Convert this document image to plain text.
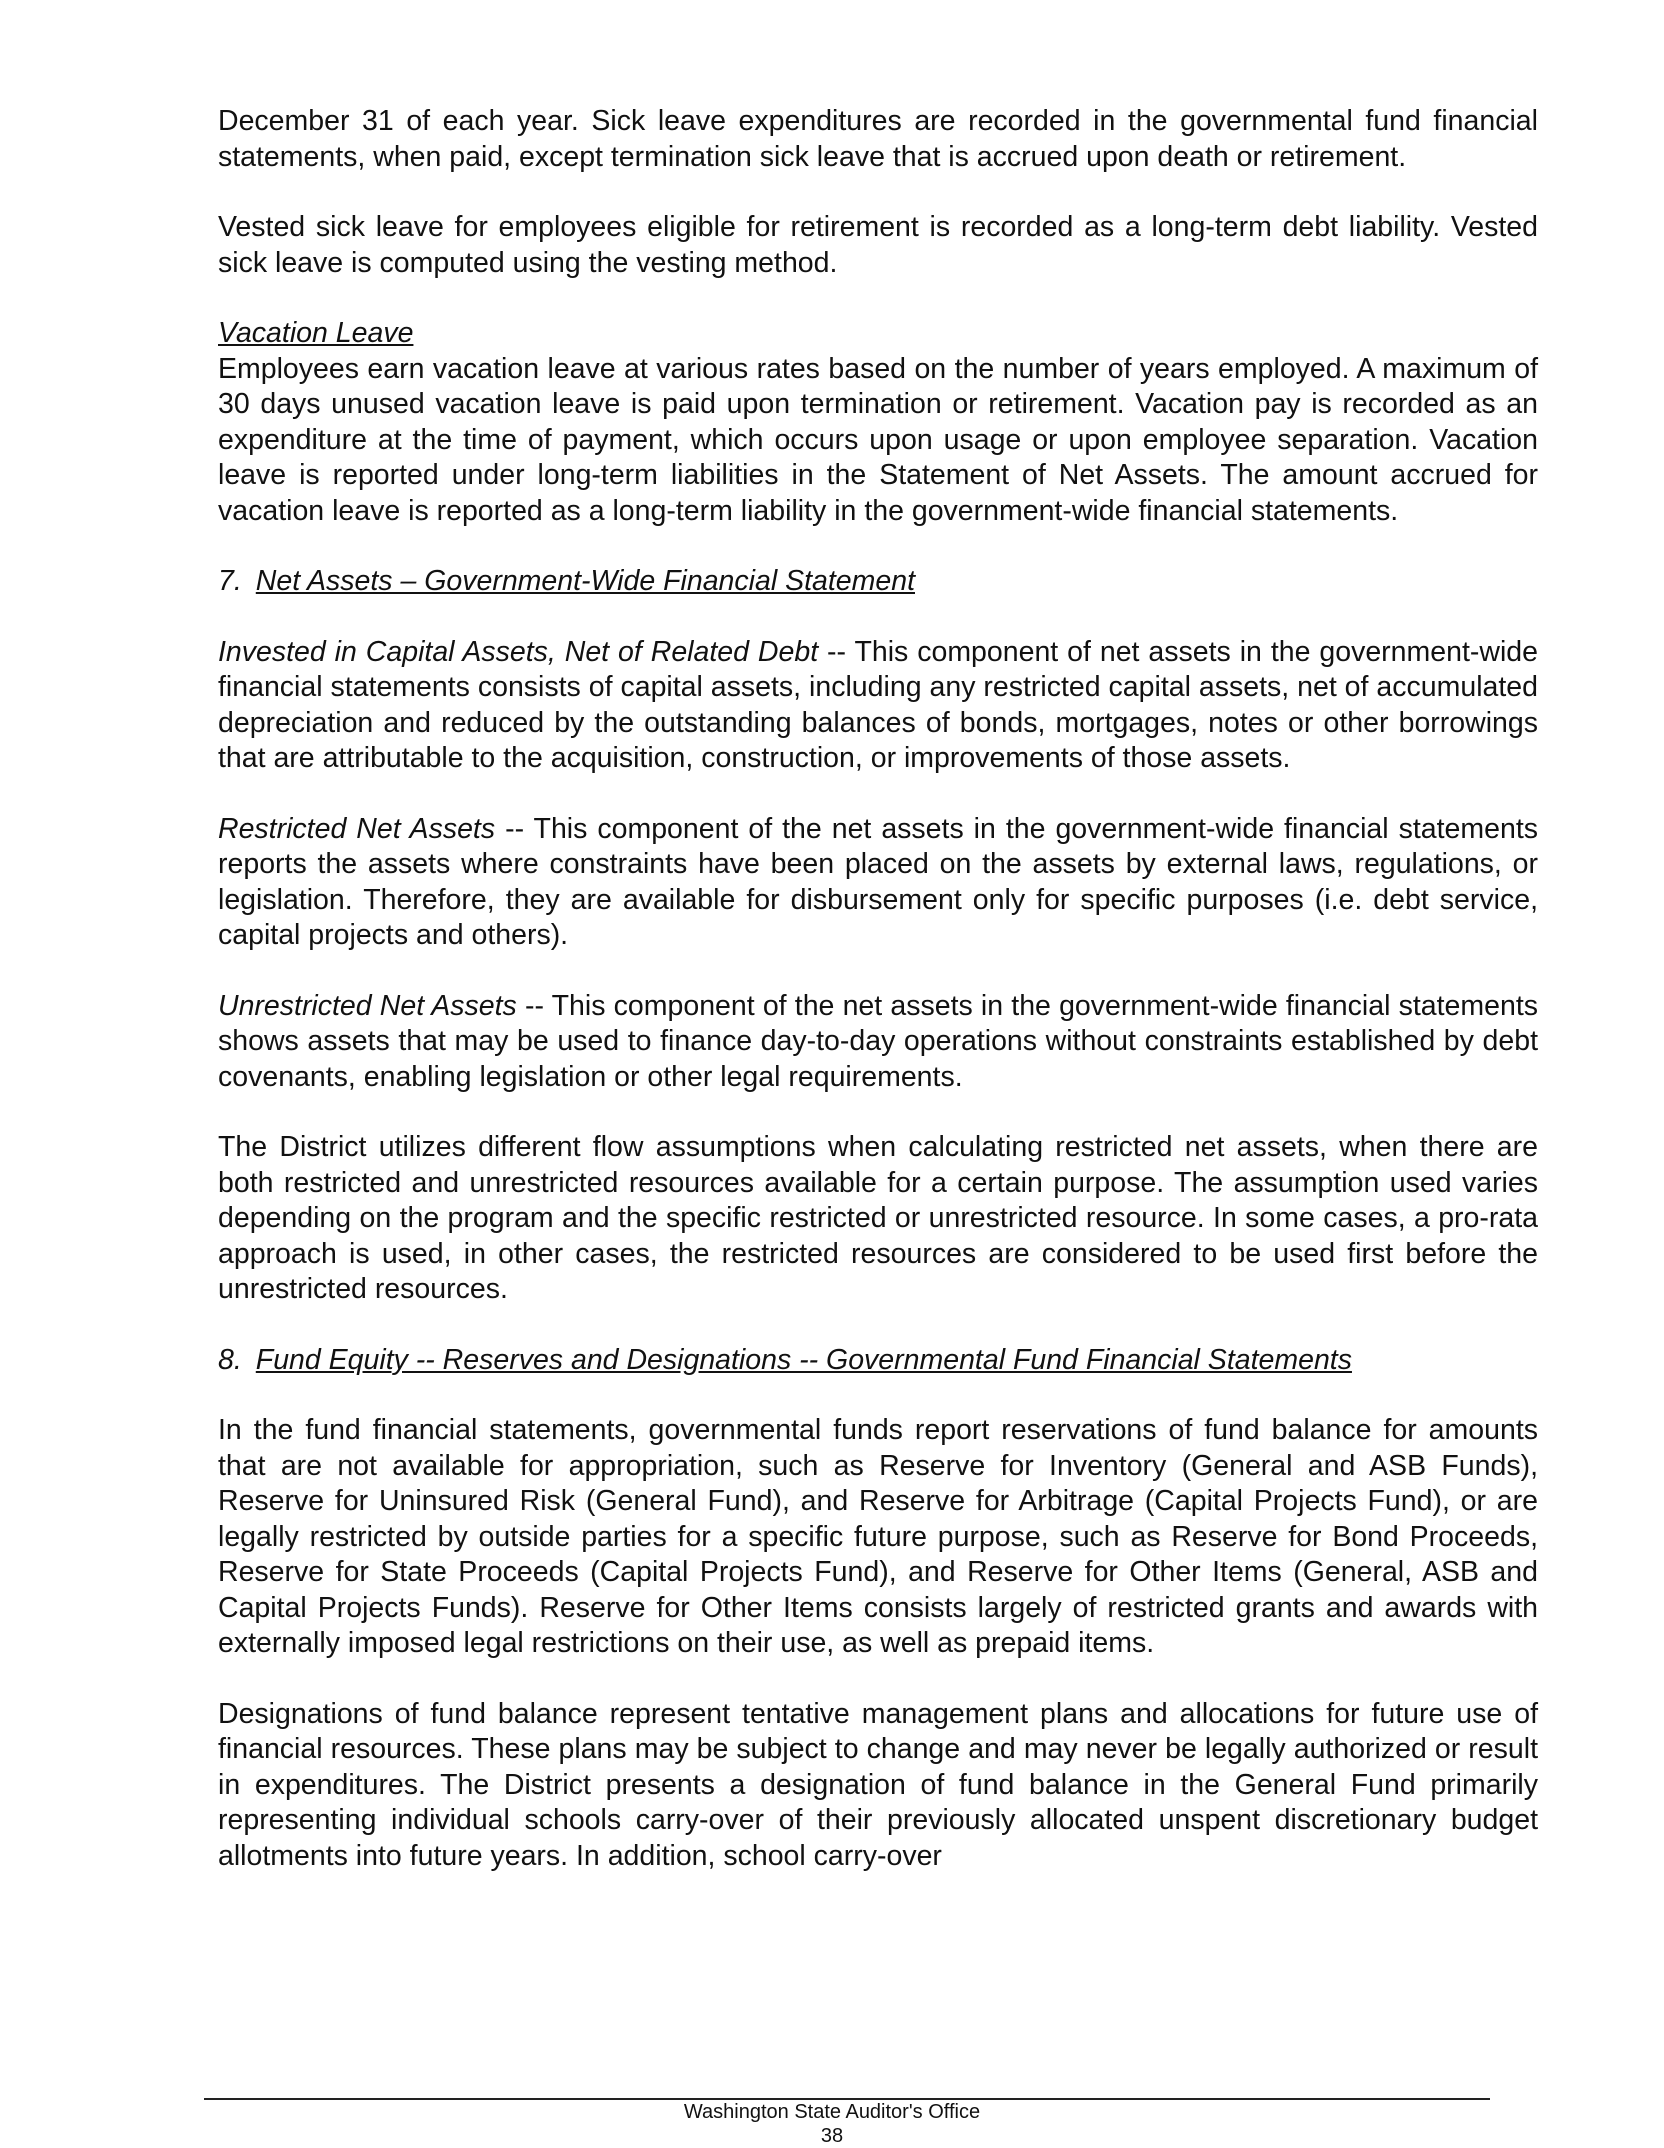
December 31 of each year. Sick leave expenditures are recorded in the governmental fund financial statements, when paid, except termination sick leave that is accrued upon death or retirement.

Vested sick leave for employees eligible for retirement is recorded as a long-term debt liability. Vested sick leave is computed using the vesting method.

Vacation Leave

Employees earn vacation leave at various rates based on the number of years employed. A maximum of 30 days unused vacation leave is paid upon termination or retirement. Vacation pay is recorded as an expenditure at the time of payment, which occurs upon usage or upon employee separation. Vacation leave is reported under long-term liabilities in the Statement of Net Assets. The amount accrued for vacation leave is reported as a long-term liability in the government-wide financial statements.

7. Net Assets – Government-Wide Financial Statement

Invested in Capital Assets, Net of Related Debt -- This component of net assets in the government-wide financial statements consists of capital assets, including any restricted capital assets, net of accumulated depreciation and reduced by the outstanding balances of bonds, mortgages, notes or other borrowings that are attributable to the acquisition, construction, or improvements of those assets.

Restricted Net Assets -- This component of the net assets in the government-wide financial statements reports the assets where constraints have been placed on the assets by external laws, regulations, or legislation. Therefore, they are available for disbursement only for specific purposes (i.e. debt service, capital projects and others).

Unrestricted Net Assets -- This component of the net assets in the government-wide financial statements shows assets that may be used to finance day-to-day operations without constraints established by debt covenants, enabling legislation or other legal requirements.

The District utilizes different flow assumptions when calculating restricted net assets, when there are both restricted and unrestricted resources available for a certain purpose. The assumption used varies depending on the program and the specific restricted or unrestricted resource. In some cases, a pro-rata approach is used, in other cases, the restricted resources are considered to be used first before the unrestricted resources.

8. Fund Equity -- Reserves and Designations -- Governmental Fund Financial Statements

In the fund financial statements, governmental funds report reservations of fund balance for amounts that are not available for appropriation, such as Reserve for Inventory (General and ASB Funds), Reserve for Uninsured Risk (General Fund), and Reserve for Arbitrage (Capital Projects Fund), or are legally restricted by outside parties for a specific future purpose, such as Reserve for Bond Proceeds, Reserve for State Proceeds (Capital Projects Fund), and Reserve for Other Items (General, ASB and Capital Projects Funds). Reserve for Other Items consists largely of restricted grants and awards with externally imposed legal restrictions on their use, as well as prepaid items.

Designations of fund balance represent tentative management plans and allocations for future use of financial resources. These plans may be subject to change and may never be legally authorized or result in expenditures. The District presents a designation of fund balance in the General Fund primarily representing individual schools carry-over of their previously allocated unspent discretionary budget allotments into future years. In addition, school carry-over

Washington State Auditor's Office
38
